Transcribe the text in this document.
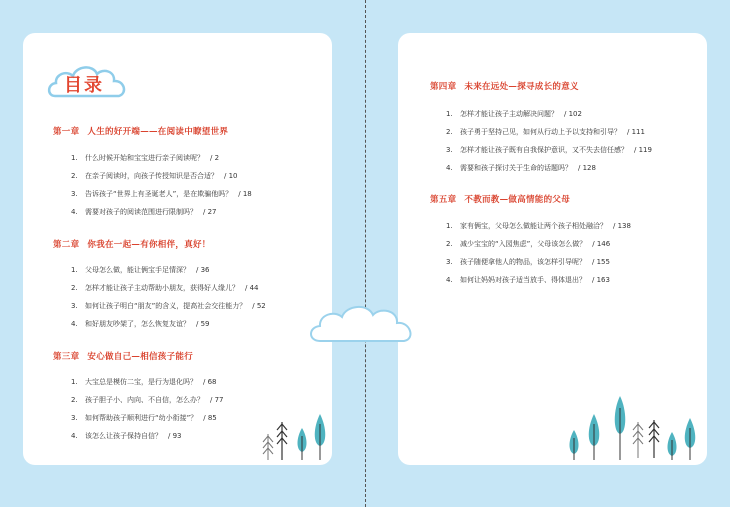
目录
第一章 人生的好开端——在阅读中瞭望世界
1. 什么时候开始和宝宝进行亲子阅读呢？ / 2
2. 在亲子阅读时，向孩子传授知识是否合适？ / 10
3. 告诉孩子“世界上有圣诞老人”，是在欺骗他吗？ / 18
4. 需要对孩子的阅读范围进行限制吗？ / 27
第二章 你我在一起—有你相伴，真好！
1. 父母怎么做，能让俩宝手足情深？ / 36
2. 怎样才能让孩子主动帮助小朋友，获得好人缘儿？ / 44
3. 如何让孩子明白“朋友”的含义，提高社会交往能力？ / 52
4. 和好朋友吵架了，怎么恢复友谊？ / 59
第三章 安心做自己—相信孩子能行
1. 大宝总是模仿二宝，是行为退化吗？ / 68
2. 孩子胆子小、内向、不自信，怎么办？ / 77
3. 如何帮助孩子顺利进行“幼小衔接”？ / 85
4. 该怎么让孩子保持自信？ / 93
第四章 未来在远处—探寻成长的意义
1. 怎样才能让孩子主动解决问题？ / 102
2. 孩子勇于坚持己见，如何从行动上予以支持和引导？ / 111
3. 怎样才能让孩子既有自我保护意识，又不失去信任感？ / 119
4. 需要和孩子探讨关于生命的话题吗？ / 128
第五章 不教而教—做高情能的父母
1. 家有俩宝，父母怎么做能让两个孩子相处融洽？ / 138
2. 减少宝宝的“入园焦虑”，父母该怎么做？ / 146
3. 孩子随便拿他人的物品，该怎样引导呢？ / 155
4. 如何让妈妈对孩子适当放手、得体退出？ / 163
